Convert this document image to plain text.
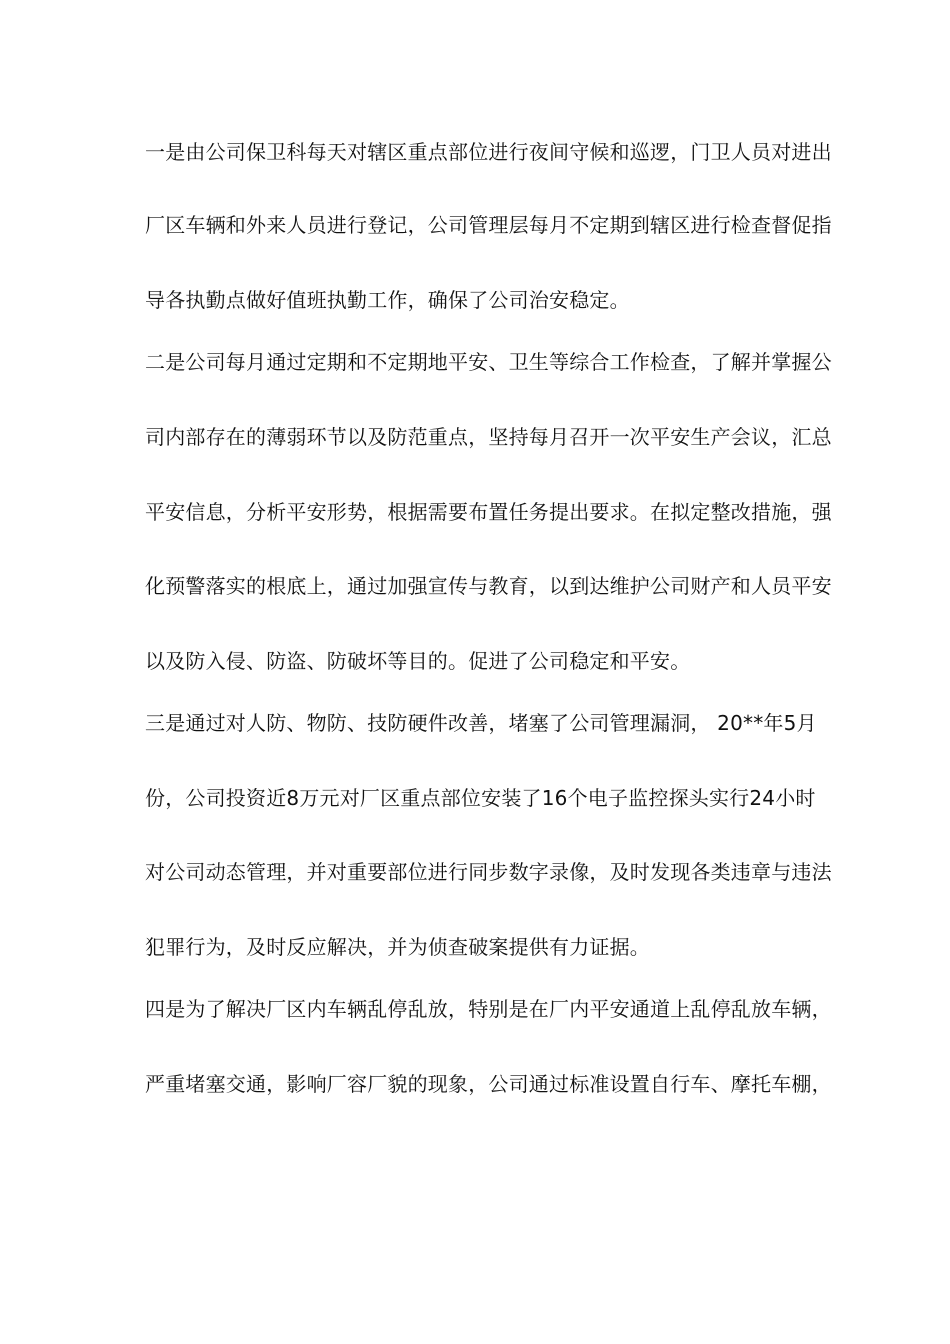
一是由公司保卫科每天对辖区重点部位进行夜间守候和巡逻，门卫人员对进出
厂区车辆和外来人员进行登记，公司管理层每月不定期到辖区进行检查督促指
导各执勤点做好值班执勤工作，确保了公司治安稳定。
二是公司每月通过定期和不定期地平安、卫生等综合工作检查，了解并掌握公
司内部存在的薄弱环节以及防范重点，坚持每月召开一次平安生产会议，汇总
平安信息，分析平安形势，根据需要布置任务提出要求。在拟定整改措施，强
化预警落实的根底上，通过加强宣传与教育，以到达维护公司财产和人员平安
以及防入侵、防盗、防破坏等目的。促进了公司稳定和平安。
三是通过对人防、物防、技防硬件改善，堵塞了公司管理漏洞， 20**年5月
份，公司投资近8万元对厂区重点部位安装了16个电子监控探头实行24小时
对公司动态管理，并对重要部位进行同步数字录像，及时发现各类违章与违法
犯罪行为，及时反应解决，并为侦查破案提供有力证据。
四是为了解决厂区内车辆乱停乱放，特别是在厂内平安通道上乱停乱放车辆，
严重堵塞交通，影响厂容厂貌的现象，公司通过标准设置自行车、摩托车棚，
